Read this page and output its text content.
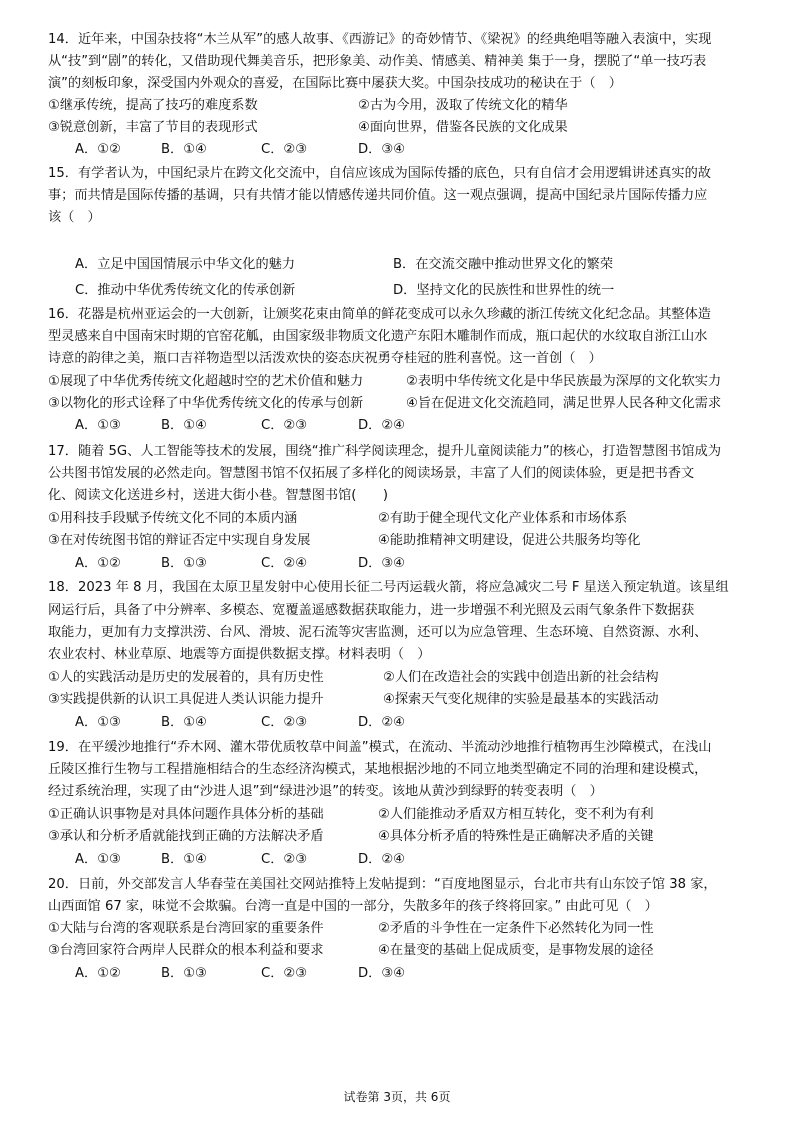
14．近年来，中国杂技将“木兰从军”的感人故事、《西游记》的奇妙情节、《梁祝》的经典绝唱等融入表演中，实现
从“技”到“剧”的转化，又借助现代舞美音乐，把形象美、动作美、情感美、精神美 集于一身，摆脱了“单一技巧表
演”的刻板印象，深受国内外观众的喜爱，在国际比赛中屡获大奖。中国杂技成功的秘诀在于（　）
①继承传统，提高了技巧的难度系数	②古为今用，汲取了传统文化的精华
③锐意创新，丰富了节目的表现形式	④面向世界，借鉴各民族的文化成果
A．①②	B．①④	C．②③	D．③④
15．有学者认为，中国纪录片在跨文化交流中，自信应该成为国际传播的底色，只有自信才会用逻辑讲述真实的故
事；而共情是国际传播的基调，只有共情才能以情感传递共同价值。这一观点强调，提高中国纪录片国际传播力应
该（　）
A．立足中国国情展示中华文化的魅力	B．在交流交融中推动世界文化的繁荣
C．推动中华优秀传统文化的传承创新	D．坚持文化的民族性和世界性的统一
16．花器是杭州亚运会的一大创新，让颁奖花束由简单的鲜花变成可以永久珍藏的浙江传统文化纪念品。其整体造
型灵感来自中国南宋时期的官窑花觚，由国家级非物质文化遗产东阳木雕制作而成，瓶口起伏的水纹取自浙江山水
诗意的韵律之美，瓶口吉祥物造型以活泼欢快的姿态庆祝勇夺桂冠的胜利喜悦。这一首创（　）
①展现了中华优秀传统文化超越时空的艺术价值和魅力	②表明中华传统文化是中华民族最为深厚的文化软实力
③以物化的形式诠释了中华优秀传统文化的传承与创新	④旨在促进文化交流趋同，满足世界人民各种文化需求
A．①③	B．①④	C．②③	D．②④
17．随着 5G、人工智能等技术的发展，围绕“推广科学阅读理念，提升儿童阅读能力”的核心，打造智慧图书馆成为
公共图书馆发展的必然走向。智慧图书馆不仅拓展了多样化的阅读场景，丰富了人们的阅读体验，更是把书香文
化、阅读文化送进乡村，送进大街小巷。智慧图书馆(　　)
①用科技手段赋予传统文化不同的本质内涵	②有助于健全现代文化产业体系和市场体系
③在对传统图书馆的辩证否定中实现自身发展	④能助推精神文明建设，促进公共服务均等化
A．①②	B．①③	C．②④	D．③④
18．2023 年 8 月，我国在太原卫星发射中心使用长征二号丙运载火箭，将应急减灾二号 F 星送入预定轨道。该星组
网运行后，具备了中分辨率、多模态、宽覆盖遥感数据获取能力，进一步增强不利光照及云雨气象条件下数据获
取能力，更加有力支撑洪涝、台风、滑坡、泥石流等灾害监测，还可以为应急管理、生态环境、自然资源、水利、
农业农村、林业草原、地震等方面提供数据支撑。材料表明（　）
①人的实践活动是历史的发展着的，具有历史性	②人们在改造社会的实践中创造出新的社会结构
③实践提供新的认识工具促进人类认识能力提升	④探索天气变化规律的实验是最基本的实践活动
A．①③	B．①④	C．②③	D．②④
19．在平缓沙地推行“乔木网、灌木带优质牧草中间盖”模式，在流动、半流动沙地推行植物再生沙障模式，在浅山
丘陵区推行生物与工程措施相结合的生态经济沟模式，某地根据沙地的不同立地类型确定不同的治理和建设模式，
经过系统治理，实现了由“沙进人退”到“绿进沙退”的转变。该地从黄沙到绿野的转变表明（　）
①正确认识事物是对具体问题作具体分析的基础	②人们能推动矛盾双方相互转化，变不利为有利
③承认和分析矛盾就能找到正确的方法解决矛盾	④具体分析矛盾的特殊性是正确解决矛盾的关键
A．①③	B．①④	C．②③	D．②④
20．日前，外交部发言人华春莹在美国社交网站推特上发帖提到：“百度地图显示，台北市共有山东饺子馆 38 家，
山西面馆 67 家，味觉不会欺骗。台湾一直是中国的一部分，失散多年的孩子终将回家。” 由此可见（　）
①大陆与台湾的客观联系是台湾回家的重要条件	②矛盾的斗争性在一定条件下必然转化为同一性
③台湾回家符合两岸人民群众的根本利益和要求	④在量变的基础上促成质变，是事物发展的途径
A．①②	B．①③	C．②③	D．③④
试卷第 3页，共 6页
